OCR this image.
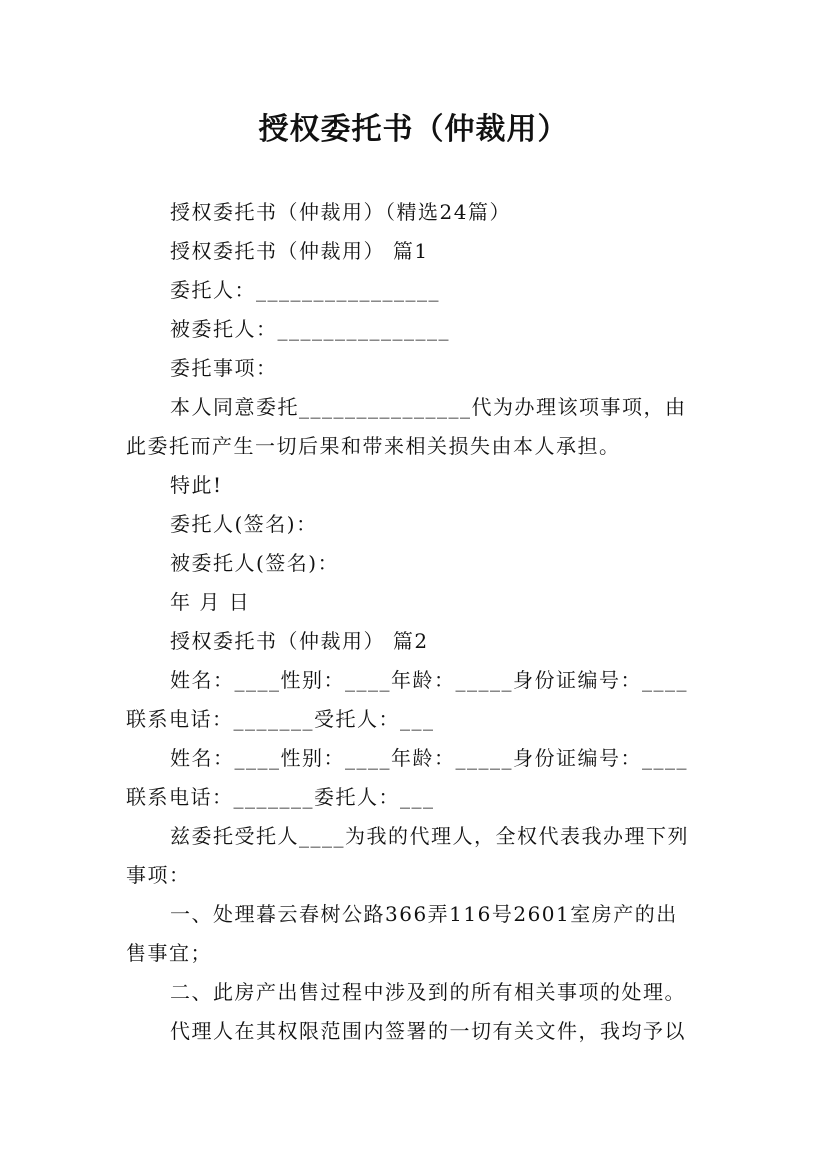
授权委托书（仲裁用）
授权委托书（仲裁用）（精选24篇）
授权委托书（仲裁用） 篇1
委托人：________________
被委托人：_______________
委托事项：
本人同意委托_______________代为办理该项事项，由
此委托而产生一切后果和带来相关损失由本人承担。
特此!
委托人(签名)：
被委托人(签名)：
年 月 日
授权委托书（仲裁用） 篇2
姓名：____性别：____年龄：_____身份证编号：____
联系电话：_______受托人：___
姓名：____性别：____年龄：_____身份证编号：____
联系电话：_______委托人：___
兹委托受托人____为我的代理人，全权代表我办理下列
事项：
一、处理暮云春树公路366弄116号2601室房产的出
售事宜；
二、此房产出售过程中涉及到的所有相关事项的处理。
代理人在其权限范围内签署的一切有关文件，我均予以
